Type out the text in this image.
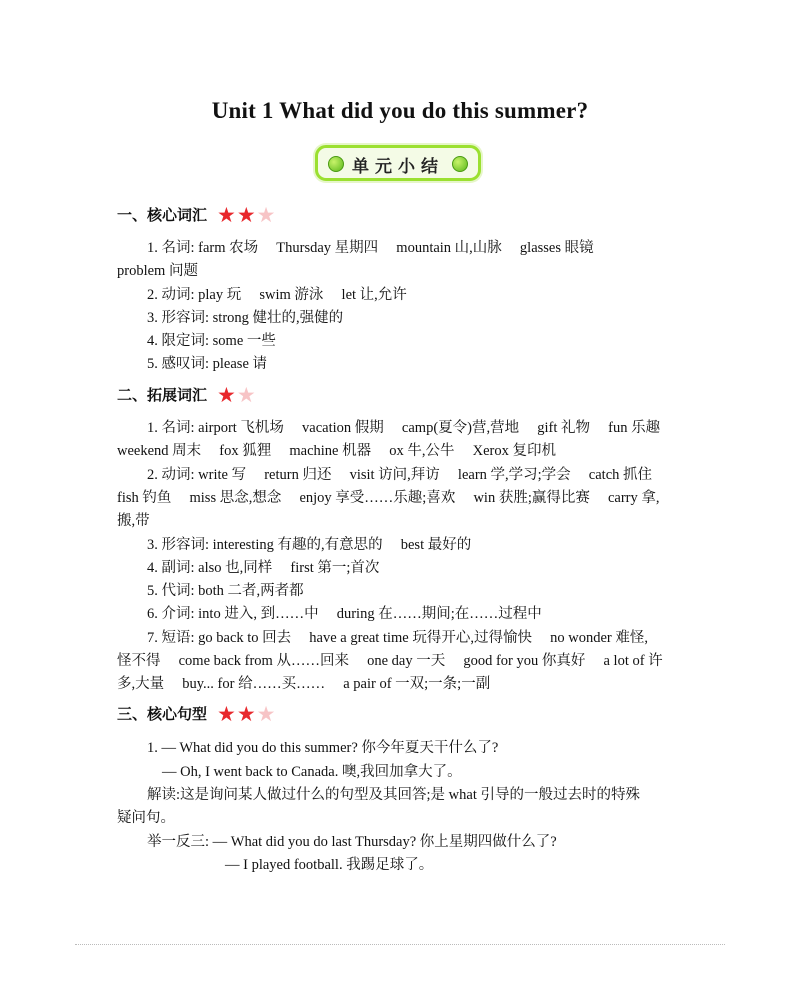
Unit 1 What did you do this summer?
单元小结
一、核心词汇 ★ ★ ★
1. 名词: farm 农场　 Thursday 星期四　 mountain 山,山脉　 glasses 眼镜
problem 问题
2. 动词: play 玩　 swim 游泳　 let 让,允许
3. 形容词: strong 健壮的,强健的
4. 限定词: some 一些
5. 感叹词: please 请
二、拓展词汇 ★ ★
1. 名词: airport 飞机场　 vacation 假期　 camp(夏令)营,营地　 gift 礼物　 fun 乐趣
weekend 周末　 fox 狐狸　 machine 机器　 ox 牛,公牛　 Xerox 复印机
2. 动词: write 写　 return 归还　 visit 访问,拜访　 learn 学,学习;学会　 catch 抓住
fish 钓鱼　 miss 思念,想念　 enjoy 享受……乐趣;喜欢　 win 获胜;赢得比赛　 carry 拿,
搬,带
3. 形容词: interesting 有趣的,有意思的　 best 最好的
4. 副词: also 也,同样　 first 第一;首次
5. 代词: both 二者,两者都
6. 介词: into 进入, 到……中　 during 在……期间;在……过程中
7. 短语: go back to 回去　 have a great time 玩得开心,过得愉快　 no wonder 难怪,
怪不得　 come back from 从……回来　 one day 一天　 good for you 你真好　 a lot of 许
多,大量　 buy... for 给……买……　 a pair of 一双;一条;一副
三、核心句型 ★ ★ ★
1. — What did you do this summer? 你今年夏天干什么了?
— Oh, I went back to Canada. 噢,我回加拿大了。
解读:这是询问某人做过什么的句型及其回答;是 what 引导的一般过去时的特殊
疑问句。
举一反三: — What did you do last Thursday? 你上星期四做什么了?
— I played football. 我踢足球了。
